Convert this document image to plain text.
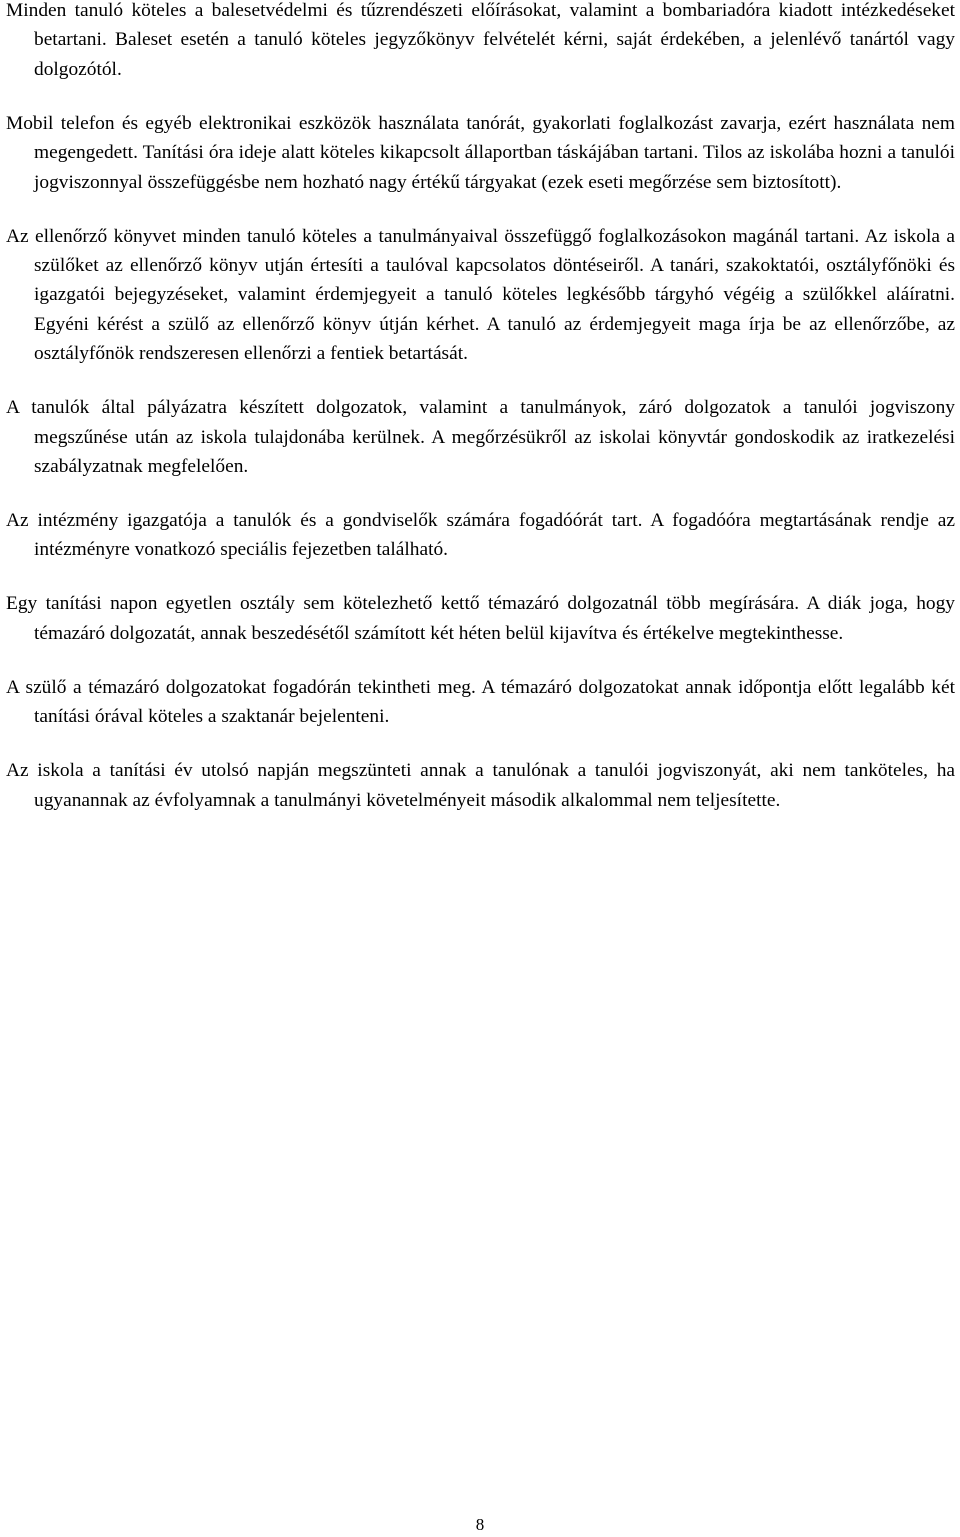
Minden tanuló köteles a balesetvédelmi és tűzrendészeti előírásokat, valamint a bombariadóra kiadott intézkedéseket betartani. Baleset esetén a tanuló köteles jegyzőkönyv felvételét kérni, saját érdekében, a jelenlévő tanártól vagy dolgozótól.

Mobil telefon és egyéb elektronikai eszközök használata tanórát, gyakorlati foglalkozást zavarja, ezért használata nem megengedett. Tanítási óra ideje alatt köteles kikapcsolt állaportban táskájában tartani. Tilos az iskolába hozni a tanulói jogviszonnyal összefüggésbe nem hozható nagy értékű tárgyakat (ezek eseti megőrzése sem biztosított).

Az ellenőrző könyvet minden tanuló köteles a tanulmányaival összefüggő foglalkozásokon magánál tartani. Az iskola a szülőket az ellenőrző könyv utján értesíti a taulóval kapcsolatos döntéseiről. A tanári, szakoktatói, osztályfőnöki és igazgatói bejegyzéseket, valamint érdemjegyeit a tanuló köteles legkésőbb tárgyhó végéig a szülőkkel aláíratni. Egyéni kérést a szülő az ellenőrző könyv útján kérhet. A tanuló az érdemjegyeit maga írja be az ellenőrzőbe, az osztályfőnök rendszeresen ellenőrzi a fentiek betartását.

A tanulók által pályázatra készített dolgozatok, valamint a tanulmányok, záró dolgozatok a tanulói jogviszony megszűnése után az iskola tulajdonába kerülnek. A megőrzésükről az iskolai könyvtár gondoskodik az iratkezelési szabályzatnak megfelelően.

Az intézmény igazgatója a tanulók és a gondviselők számára fogadóórát tart. A fogadóóra megtartásának rendje az intézményre vonatkozó speciális fejezetben található.

Egy tanítási napon egyetlen osztály sem kötelezhető kettő témazáró dolgozatnál több megírására. A diák joga, hogy témazáró dolgozatát, annak beszedésétől számított két héten belül kijavítva és értékelve megtekinthesse.

A szülő a témazáró dolgozatokat fogadórán tekintheti meg. A témazáró dolgozatokat annak időpontja előtt legalább két tanítási órával köteles a szaktanár bejelenteni.

Az iskola a tanítási év utolsó napján megszünteti annak a tanulónak a tanulói jogviszonyát, aki nem tanköteles, ha ugyanannak az évfolyamnak a tanulmányi követelményeit második alkalommal nem teljesítette.

8
